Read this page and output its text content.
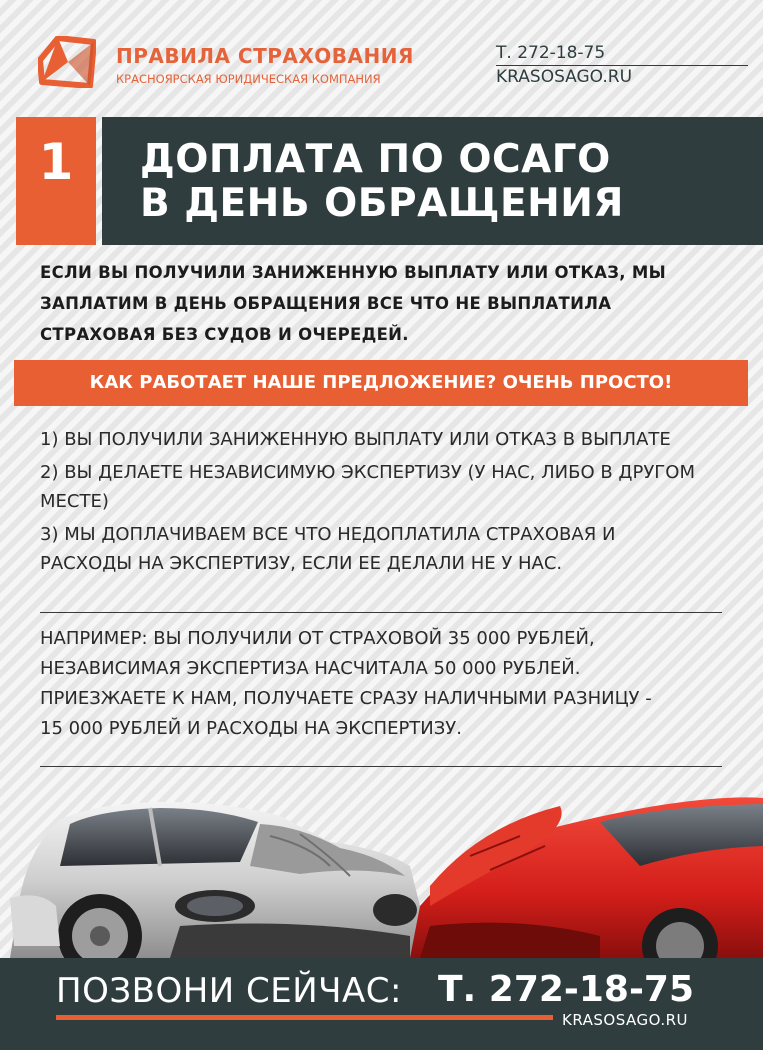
ПРАВИЛА СТРАХОВАНИЯ
КРАСНОЯРСКАЯ ЮРИДИЧЕСКАЯ КОМПАНИЯ
Т. 272-18-75
KRASOSAGO.RU
1	ДОПЛАТА ПО ОСАГО
В ДЕНЬ ОБРАЩЕНИЯ
ЕСЛИ ВЫ ПОЛУЧИЛИ ЗАНИЖЕННУЮ ВЫПЛАТУ ИЛИ ОТКАЗ, МЫ
ЗАПЛАТИМ В ДЕНЬ ОБРАЩЕНИЯ ВСЕ ЧТО НЕ ВЫПЛАТИЛА
СТРАХОВАЯ БЕЗ СУДОВ И ОЧЕРЕДЕЙ.
КАК РАБОТАЕТ НАШЕ ПРЕДЛОЖЕНИЕ? ОЧЕНЬ ПРОСТО!
1) ВЫ ПОЛУЧИЛИ ЗАНИЖЕННУЮ ВЫПЛАТУ ИЛИ ОТКАЗ В ВЫПЛАТЕ
2) ВЫ ДЕЛАЕТЕ НЕЗАВИСИМУЮ ЭКСПЕРТИЗУ (У НАС, ЛИБО В ДРУГОМ
МЕСТЕ)
3) МЫ ДОПЛАЧИВАЕМ ВСЕ ЧТО НЕДОПЛАТИЛА СТРАХОВАЯ И
РАСХОДЫ НА ЭКСПЕРТИЗУ, ЕСЛИ ЕЕ ДЕЛАЛИ НЕ У НАС.
НАПРИМЕР: ВЫ ПОЛУЧИЛИ ОТ СТРАХОВОЙ 35 000 РУБЛЕЙ,
НЕЗАВИСИМАЯ ЭКСПЕРТИЗА НАСЧИТАЛА 50 000 РУБЛЕЙ.
ПРИЕЗЖАЕТЕ К НАМ, ПОЛУЧАЕТЕ СРАЗУ НАЛИЧНЫМИ РАЗНИЦУ -
15 000 РУБЛЕЙ И РАСХОДЫ НА ЭКСПЕРТИЗУ.
ПОЗВОНИ СЕЙЧАС: Т. 272-18-75
KRASOSAGO.RU
